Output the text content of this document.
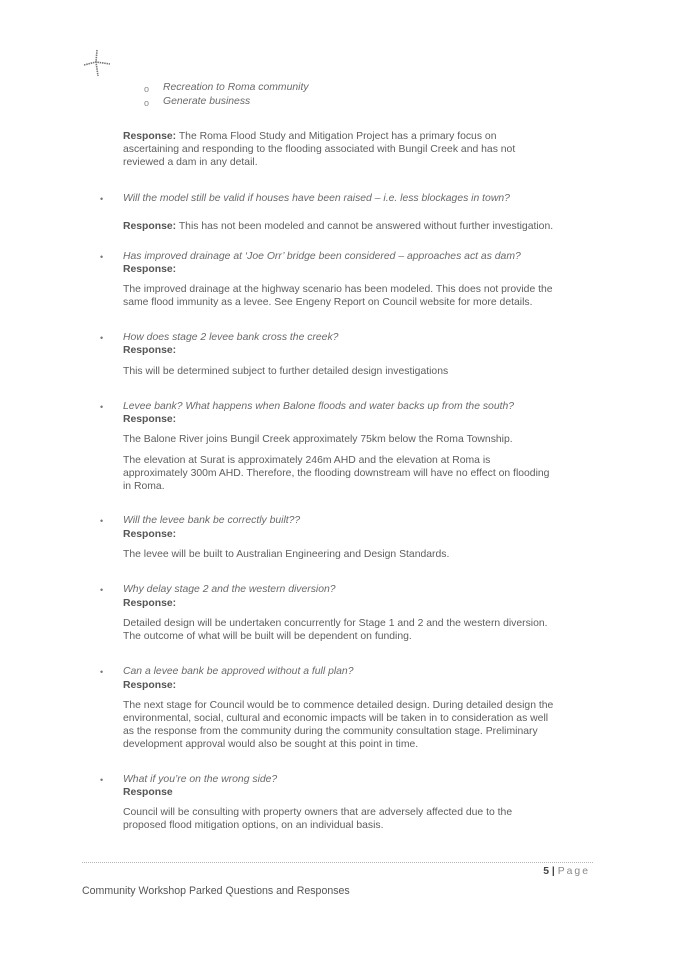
o Recreation to Roma community
o Generate business
Response: The Roma Flood Study and Mitigation Project has a primary focus on
ascertaining and responding to the flooding associated with Bungil Creek and has not
reviewed a dam in any detail.
• Will the model still be valid if houses have been raised – i.e. less blockages in town?
Response: This has not been modeled and cannot be answered without further investigation.
• Has improved drainage at ‘Joe Orr’ bridge been considered – approaches act as dam?
Response:
The improved drainage at the highway scenario has been modeled. This does not provide the
same flood immunity as a levee. See Engeny Report on Council website for more details.
• How does stage 2 levee bank cross the creek?
Response:
This will be determined subject to further detailed design investigations
• Levee bank? What happens when Balone floods and water backs up from the south?
Response:
The Balone River joins Bungil Creek approximately 75km below the Roma Township.
The elevation at Surat is approximately 246m AHD and the elevation at Roma is
approximately 300m AHD. Therefore, the flooding downstream will have no effect on flooding
in Roma.
• Will the levee bank be correctly built??
Response:
The levee will be built to Australian Engineering and Design Standards.
• Why delay stage 2 and the western diversion?
Response:
Detailed design will be undertaken concurrently for Stage 1 and 2 and the western diversion.
The outcome of what will be built will be dependent on funding.
• Can a levee bank be approved without a full plan?
Response:
The next stage for Council would be to commence detailed design. During detailed design the
environmental, social, cultural and economic impacts will be taken in to consideration as well
as the response from the community during the community consultation stage. Preliminary
development approval would also be sought at this point in time.
• What if you’re on the wrong side?
Response
Council will be consulting with property owners that are adversely affected due to the
proposed flood mitigation options, on an individual basis.
5 | Page
Community Workshop Parked Questions and Responses
